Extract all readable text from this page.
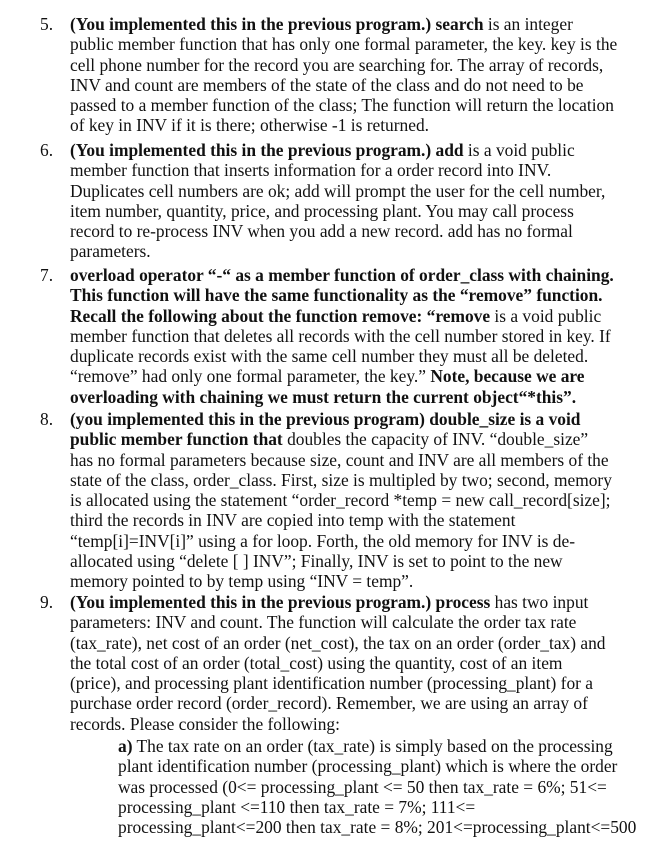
5. (You implemented this in the previous program.) search is an integer
public member function that has only one formal parameter, the key. key is the
cell phone number for the record you are searching for. The array of records,
INV and count are members of the state of the class and do not need to be
passed to a member function of the class; The function will return the location
of key in INV if it is there; otherwise -1 is returned.
6. (You implemented this in the previous program.) add is a void public
member function that inserts information for a order record into INV.
Duplicates cell numbers are ok; add will prompt the user for the cell number,
item number, quantity, price, and processing plant. You may call process
record to re-process INV when you add a new record. add has no formal
parameters.
7. overload operator “-“ as a member function of order_class with chaining.
This function will have the same functionality as the “remove” function.
Recall the following about the function remove: “remove is a void public
member function that deletes all records with the cell number stored in key. If
duplicate records exist with the same cell number they must all be deleted.
“remove” had only one formal parameter, the key.” Note, because we are
overloading with chaining we must return the current object“*this”.
8. (you implemented this in the previous program) double_size is a void
public member function that doubles the capacity of INV. “double_size”
has no formal parameters because size, count and INV are all members of the
state of the class, order_class. First, size is multipled by two; second, memory
is allocated using the statement “order_record *temp = new call_record[size];
third the records in INV are copied into temp with the statement
“temp[i]=INV[i]” using a for loop. Forth, the old memory for INV is de-
allocated using “delete [ ] INV”; Finally, INV is set to point to the new
memory pointed to by temp using “INV = temp”.
9. (You implemented this in the previous program.) process has two input
parameters: INV and count. The function will calculate the order tax rate
(tax_rate), net cost of an order (net_cost), the tax on an order (order_tax) and
the total cost of an order (total_cost) using the quantity, cost of an item
(price), and processing plant identification number (processing_plant) for a
purchase order record (order_record). Remember, we are using an array of
records. Please consider the following:
a) The tax rate on an order (tax_rate) is simply based on the processing
plant identification number (processing_plant) which is where the order
was processed (0<= processing_plant <= 50 then tax_rate = 6%; 51<=
processing_plant <=110 then tax_rate = 7%; 111<=
processing_plant<=200 then tax_rate = 8%; 201<=processing_plant<=500
